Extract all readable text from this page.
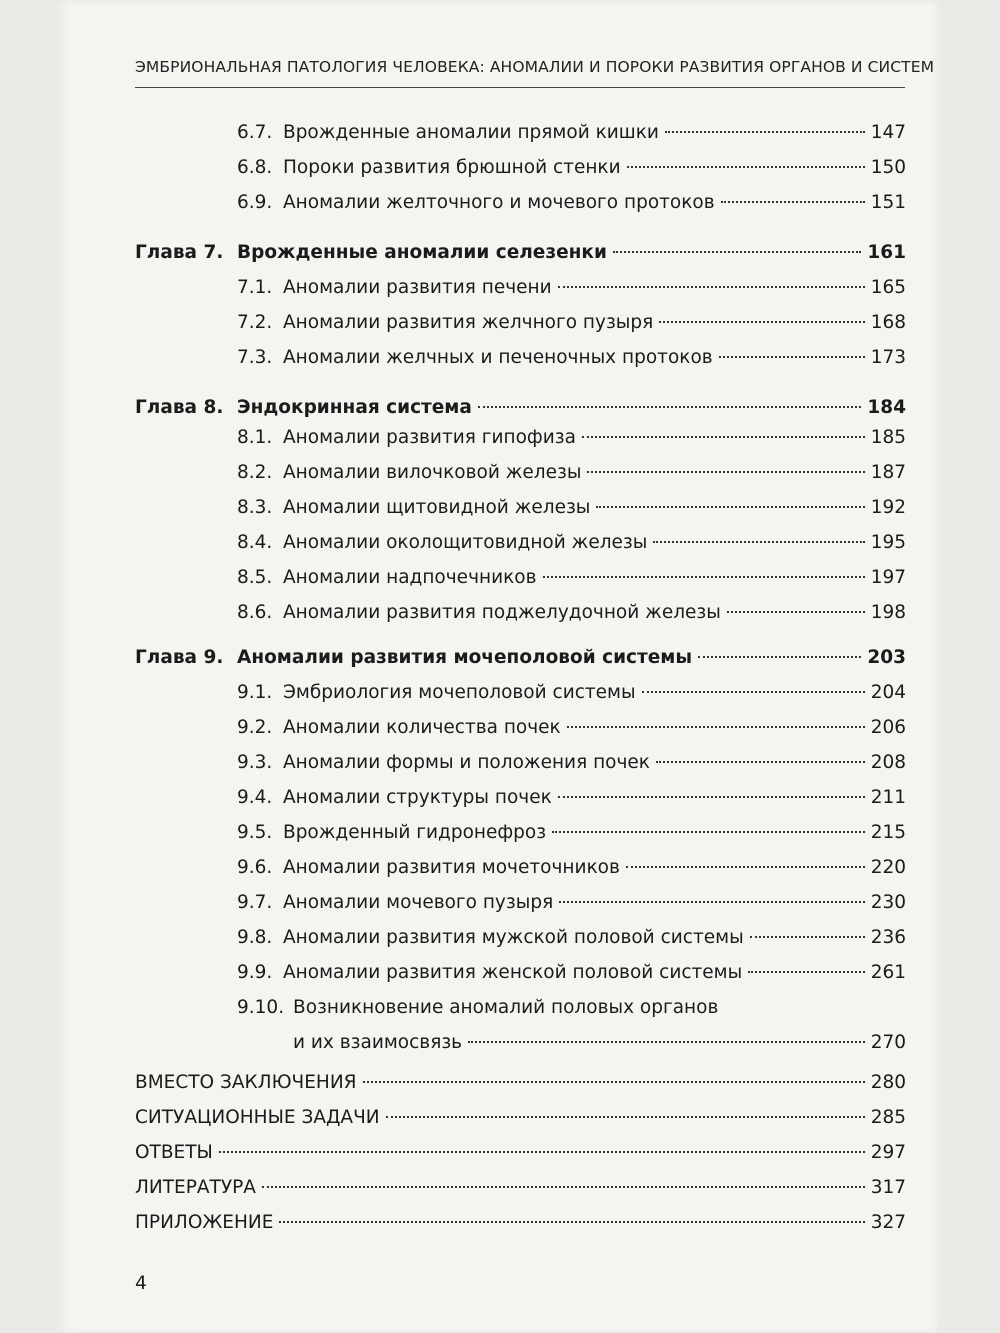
ЭМБРИОНАЛЬНАЯ ПАТОЛОГИЯ ЧЕЛОВЕКА: АНОМАЛИИ И ПОРОКИ РАЗВИТИЯ ОРГАНОВ И СИСТЕМ
6.7. Врожденные аномалии прямой кишки	147
6.8. Пороки развития брюшной стенки	150
6.9. Аномалии желточного и мочевого протоков	151
Глава 7. Врожденные аномалии селезенки	161
7.1. Аномалии развития печени	165
7.2. Аномалии развития желчного пузыря	168
7.3. Аномалии желчных и печеночных протоков	173
Глава 8. Эндокринная система	184
8.1. Аномалии развития гипофиза	185
8.2. Аномалии вилочковой железы	187
8.3. Аномалии щитовидной железы	192
8.4. Аномалии околощитовидной железы	195
8.5. Аномалии надпочечников	197
8.6. Аномалии развития поджелудочной железы	198
Глава 9. Аномалии развития мочеполовой системы	203
9.1. Эмбриология мочеполовой системы	204
9.2. Аномалии количества почек	206
9.3. Аномалии формы и положения почек	208
9.4. Аномалии структуры почек	211
9.5. Врожденный гидронефроз	215
9.6. Аномалии развития мочеточников	220
9.7. Аномалии мочевого пузыря	230
9.8. Аномалии развития мужской половой системы	236
9.9. Аномалии развития женской половой системы	261
9.10. Возникновение аномалий половых органов
и их взаимосвязь	270
ВМЕСТО ЗАКЛЮЧЕНИЯ	280
СИТУАЦИОННЫЕ ЗАДАЧИ	285
ОТВЕТЫ	297
ЛИТЕРАТУРА	317
ПРИЛОЖЕНИЕ	327
4
